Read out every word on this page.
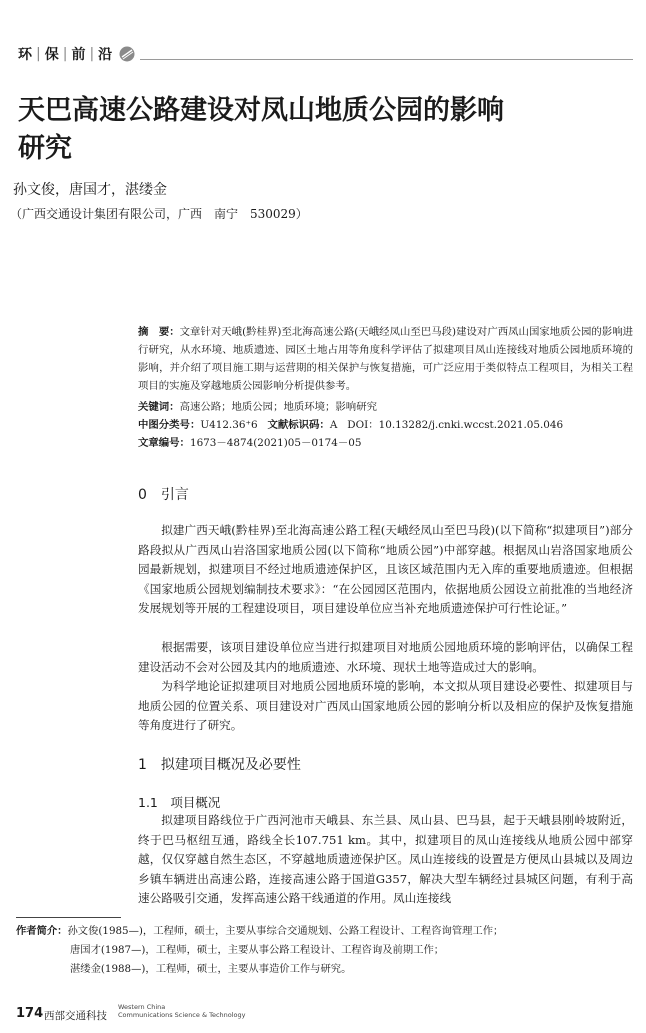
环 | 保 | 前 | 沿
天巴高速公路建设对凤山地质公园的影响
研究
孙文俊，唐国才，湛缕金
（广西交通设计集团有限公司，广西　南宁　530029）
摘　要：文章针对天峨(黔桂界)至北海高速公路(天峨经凤山至巴马段)建设对广西凤山国家地质公园的影响进行研究，从水环境、地质遗迹、园区土地占用等角度科学评估了拟建项目凤山连接线对地质公园地质环境的影响，并介绍了项目施工期与运营期的相关保护与恢复措施，可广泛应用于类似特点工程项目，为相关工程项目的实施及穿越地质公园影响分析提供参考。
关键词：高速公路；地质公园；地质环境；影响研究
中图分类号：U412.36⁺6 文献标识码：A DOI：10.13282/j.cnki.wccst.2021.05.046
文章编号：1673－4874(2021)05－0174－05
0　引言

拟建广西天峨(黔桂界)至北海高速公路工程(天峨经凤山至巴马段)(以下简称“拟建项目”)部分路段拟从广西凤山岩洛国家地质公园(以下简称“地质公园”)中部穿越。根据凤山岩洛国家地质公园最新规划，拟建项目不经过地质遗迹保护区，且该区域范围内无入库的重要地质遗迹。但根据《国家地质公园规划编制技术要求》：“在公园园区范围内，依据地质公园设立前批准的当地经济发展规划等开展的工程建设项目，项目建设单位应当补充地质遗迹保护可行性论证。”

根据需要，该项目建设单位应当进行拟建项目对地质公园地质环境的影响评估，以确保工程建设活动不会对公园及其内的地质遗迹、水环境、现状土地等造成过大的影响。

为科学地论证拟建项目对地质公园地质环境的影响，本文拟从项目建设必要性、拟建项目与地质公园的位置关系、项目建设对广西凤山国家地质公园的影响分析以及相应的保护及恢复措施等角度进行了研究。

1　拟建项目概况及必要性
1.1　项目概况

拟建项目路线位于广西河池市天峨县、东兰县、凤山县、巴马县，起于天峨县刚岭坡附近，终于巴马枢纽互通，路线全长107.751 km。其中，拟建项目的凤山连接线从地质公园中部穿越，仅仅穿越自然生态区，不穿越地质遗迹保护区。凤山连接线的设置是方便凤山县城以及周边乡镇车辆进出高速公路，连接高速公路于国道G357，解决大型车辆经过县城区问题，有利于高速公路吸引交通，发挥高速公路干线通道的作用。凤山连接线

作者简介：孙文俊(1985—)，工程师，硕士，主要从事综合交通规划、公路工程设计、工程咨询管理工作；
唐国才(1987—)，工程师，硕士，主要从事公路工程设计、工程咨询及前期工作；
湛缕金(1988—)，工程师，硕士，主要从事造价工作与研究。
174 西部交通科技
Western China
Communications Science & Technology
